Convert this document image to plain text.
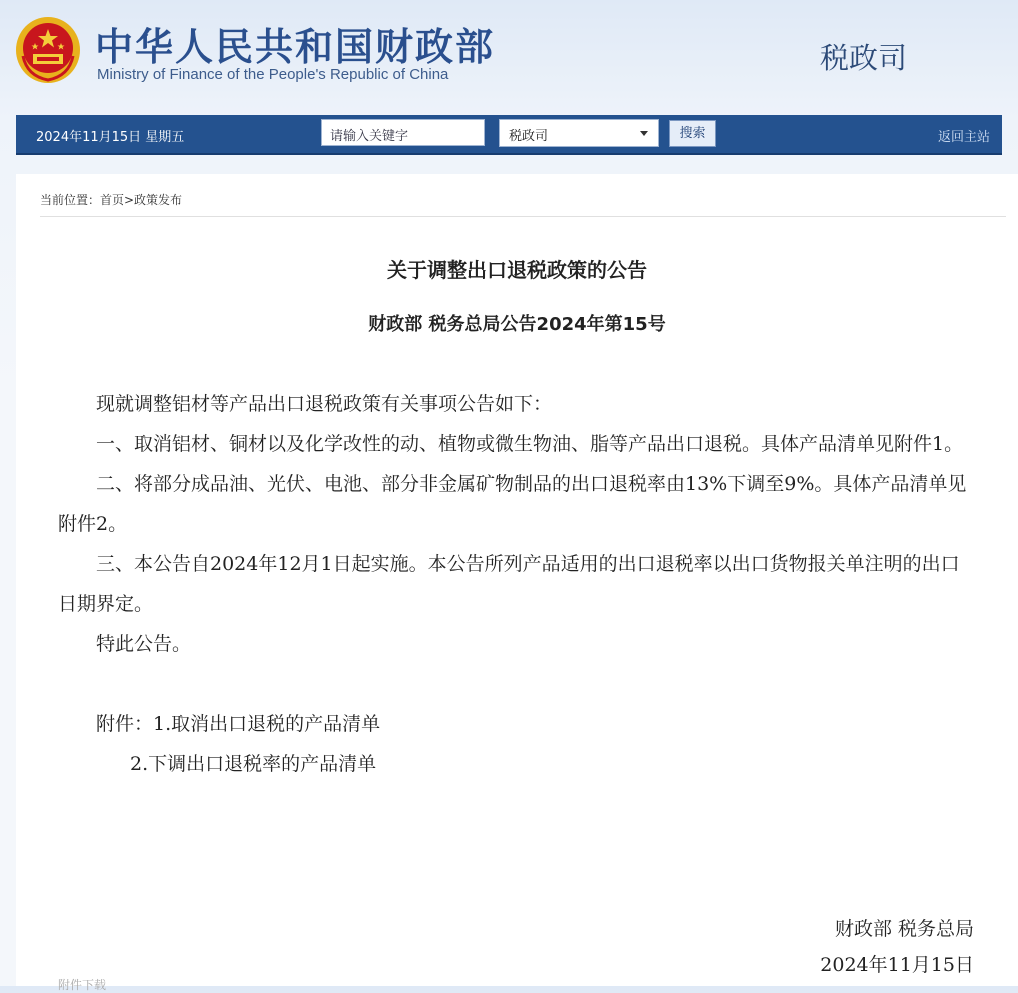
中华人民共和国财政部
Ministry of Finance of the People's Republic of China	税政司
2024年11月15日 星期五	请输入关键字	税政司	搜索	返回主站
当前位置：首页>政策发布
关于调整出口退税政策的公告
财政部 税务总局公告2024年第15号

现就调整铝材等产品出口退税政策有关事项公告如下：

一、取消铝材、铜材以及化学改性的动、植物或微生物油、脂等产品出口退税。具体产品清单见附件1。

二、将部分成品油、光伏、电池、部分非金属矿物制品的出口退税率由13%下调至9%。具体产品清单见附件2。

三、本公告自2024年12月1日起实施。本公告所列产品适用的出口退税率以出口货物报关单注明的出口日期界定。

特此公告。

附件：1.取消出口退税的产品清单

2.下调出口退税率的产品清单

财政部 税务总局
2024年11月15日
附件下载
